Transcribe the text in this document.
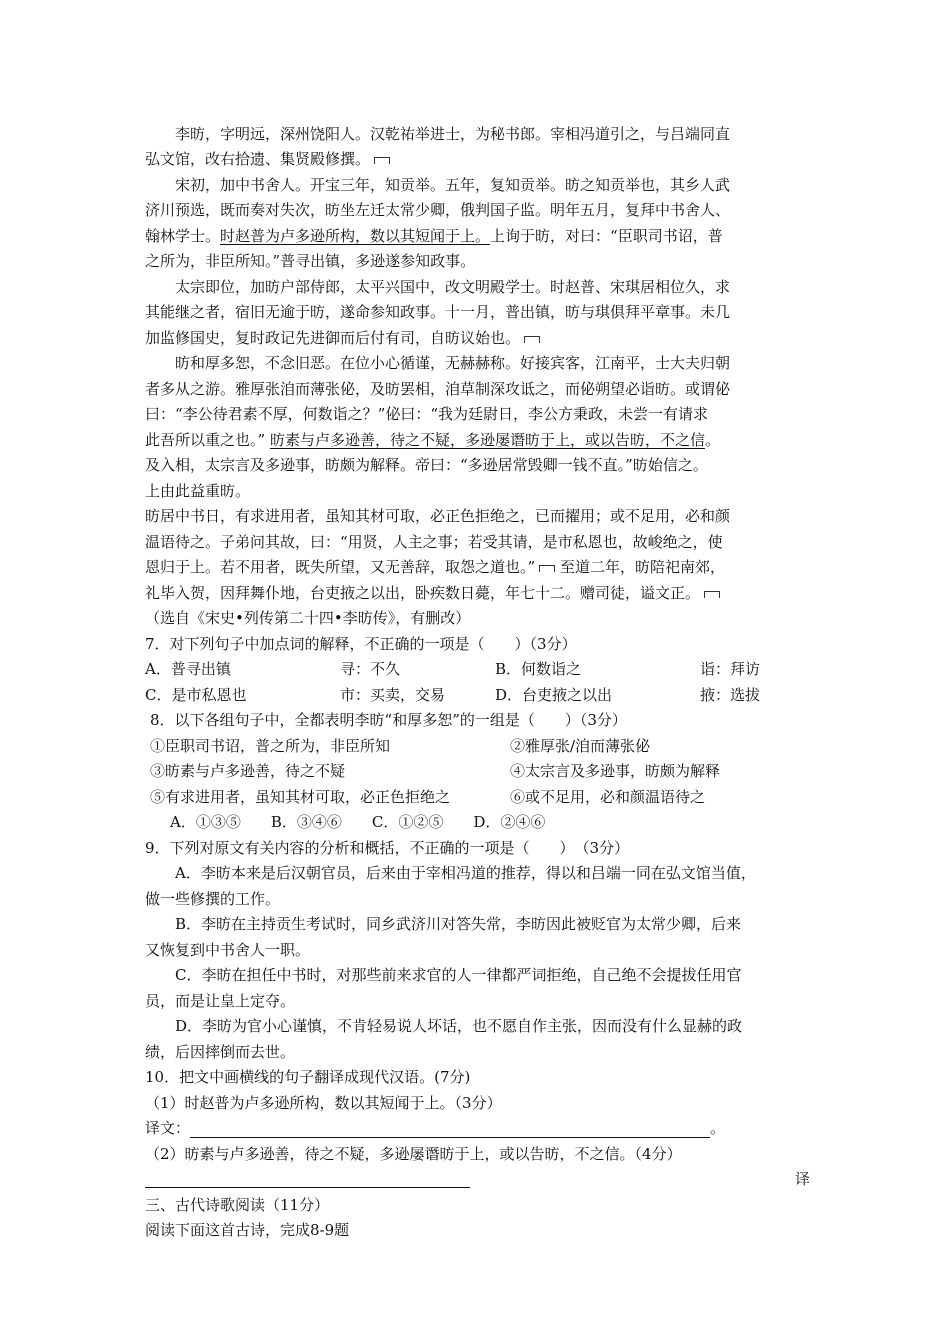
李昉，字明远，深州饶阳人。汉乾祐举进士，为秘书郎。宰相冯道引之，与吕端同直
弘文馆，改右拾遗、集贤殿修撰。
宋初，加中书舍人。开宝三年，知贡举。五年，复知贡举。昉之知贡举也，其乡人武
济川预选，既而奏对失次，昉坐左迁太常少卿，俄判国子监。明年五月，复拜中书舍人、
翰林学士。时赵普为卢多逊所构，数以其短闻于上。上询于昉，对曰：“臣职司书诏，普
之所为，非臣所知。”普寻出镇，多逊遂参知政事。
太宗即位，加昉户部侍郎，太平兴国中，改文明殿学士。时赵普、宋琪居相位久，求
其能继之者，宿旧无逾于昉，遂命参知政事。十一月，普出镇，昉与琪俱拜平章事。未几
加监修国史，复时政记先进御而后付有司，自昉议始也。
昉和厚多恕，不念旧恶。在位小心循谨，无赫赫称。好接宾客，江南平，士大夫归朝
者多从之游。雅厚张洎而薄张佖，及昉罢相，洎草制深攻诋之，而佖朔望必诣昉。或谓佖
曰：“李公待君素不厚，何数诣之？”佖曰：“我为廷尉日，李公方秉政，未尝一有请求
此吾所以重之也。” 昉素与卢多逊善，待之不疑，多逊屡谮昉于上，或以告昉，不之信。
及入相，太宗言及多逊事，昉颇为解释。帝曰：“多逊居常毁卿一钱不直。”昉始信之。
上由此益重昉。
昉居中书日，有求进用者，虽知其材可取，必正色拒绝之，已而擢用；或不足用，必和颜
温语待之。子弟问其故，曰：“用贤，人主之事；若受其请，是市私恩也，故峻绝之，使
恩归于上。若不用者，既失所望，又无善辞，取怨之道也。” 至道二年，昉陪祀南郊，
礼毕入贺，因拜舞仆地，台吏掖之以出，卧疾数日薨，年七十二。赠司徒，谥文正。
（选自《宋史•列传第二十四•李昉传》，有删改）
7．对下列句子中加点词的解释，不正确的一项是（　　）（3分）
A．普寻出镇	寻：不久	B．何数诣之	诣：拜访
C．是市私恩也	市：买卖，交易	D．台吏掖之以出	掖：选拔
8．以下各组句子中，全都表明李昉“和厚多恕”的一组是（　　）（3分）
①臣职司书诏，普之所为，非臣所知	②雅厚张/洎而薄张佖
③昉素与卢多逊善，待之不疑	④太宗言及多逊事，昉颇为解释
⑤有求进用者，虽知其材可取，必正色拒绝之	⑥或不足用，必和颜温语待之
A．①③⑤　　B．③④⑥　　C．①②⑤　　D．②④⑥
9．下列对原文有关内容的分析和概括，不正确的一项是（　　）　（3分）
A．李昉本来是后汉朝官员，后来由于宰相冯道的推荐，得以和吕端一同在弘文馆当值，
做一些修撰的工作。
B．李昉在主持贡生考试时，同乡武济川对答失常，李昉因此被贬官为太常少卿，后来
又恢复到中书舍人一职。
C．李昉在担任中书时，对那些前来求官的人一律都严词拒绝，自己绝不会提拔任用官
员，而是让皇上定夺。
D．李昉为官小心谨慎，不肯轻易说人坏话，也不愿自作主张，因而没有什么显赫的政
绩，后因摔倒而去世。
10．把文中画横线的句子翻译成现代汉语。(7分)
（1）时赵普为卢多逊所构，数以其短闻于上。（3分）
译文：	。
（2）昉素与卢多逊善，待之不疑，多逊屡谮昉于上，或以告昉，不之信。（4分）
译
三、古代诗歌阅读（11分）
阅读下面这首古诗，完成8-9题
